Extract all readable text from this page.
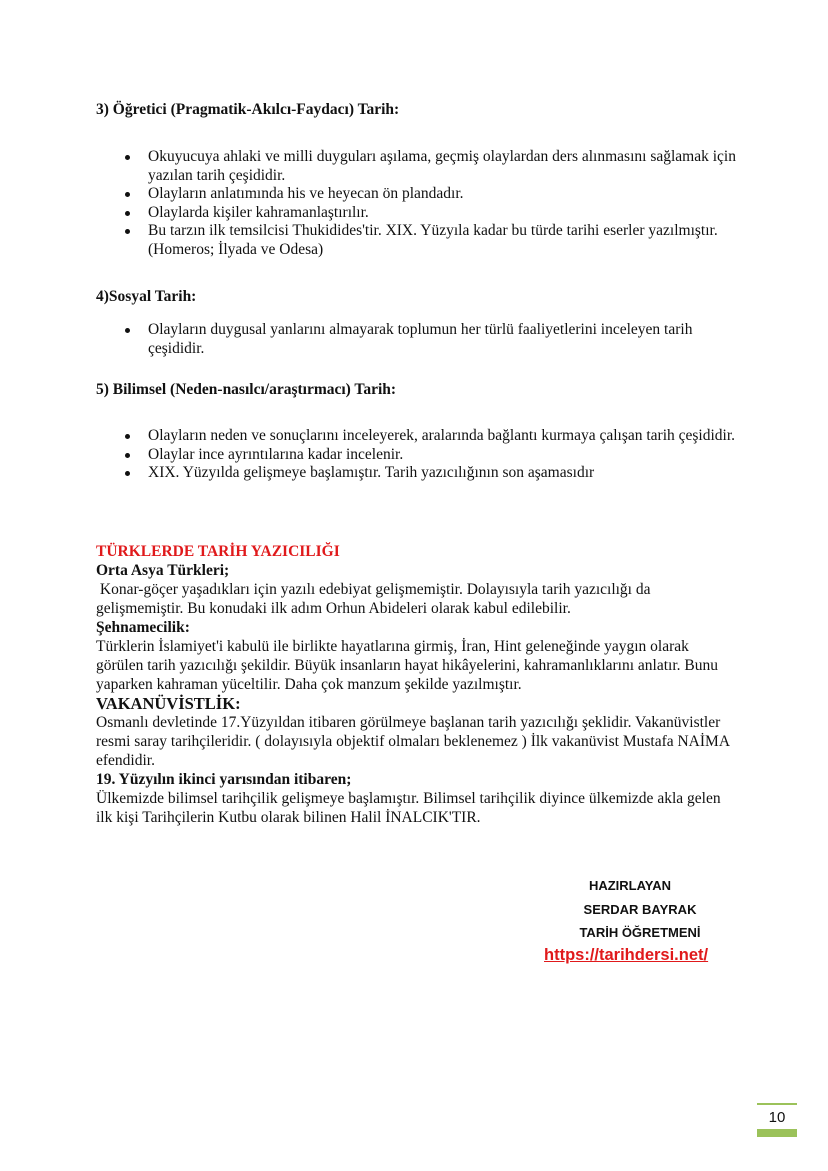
3) Öğretici (Pragmatik-Akılcı-Faydacı) Tarih:
Okuyucuya ahlaki ve milli duyguları aşılama, geçmiş olaylardan ders alınmasını sağlamak için yazılan tarih çeşididir.
Olayların anlatımında his ve heyecan ön plandadır.
Olaylarda kişiler kahramanlaştırılır.
Bu tarzın ilk temsilcisi Thukidides'tir. XIX. Yüzyıla kadar bu türde tarihi eserler yazılmıştır. (Homeros; İlyada ve Odesa)
4)Sosyal Tarih:
Olayların duygusal yanlarını almayarak toplumun her türlü faaliyetlerini inceleyen tarih çeşididir.
5) Bilimsel (Neden-nasılcı/araştırmacı) Tarih:
Olayların neden ve sonuçlarını inceleyerek, aralarında bağlantı kurmaya çalışan tarih çeşididir.
Olaylar ince ayrıntılarına kadar incelenir.
XIX. Yüzyılda gelişmeye başlamıştır. Tarih yazıcılığının son aşamasıdır
TÜRKLERDE TARİH YAZICILIĞI
Orta Asya Türkleri;
Konar-göçer yaşadıkları için yazılı edebiyat gelişmemiştir. Dolayısıyla tarih yazıcılığı da gelişmemiştir. Bu konudaki ilk adım Orhun Abideleri olarak kabul edilebilir.
Şehnamecilik:
Türklerin İslamiyet'i kabulü ile birlikte hayatlarına girmiş, İran, Hint geleneğinde yaygın olarak görülen tarih yazıcılığı şekildir. Büyük insanların hayat hikâyelerini, kahramanlıklarını anlatır. Bunu yaparken kahraman yüceltilir. Daha çok manzum şekilde yazılmıştır.
VAKANÜVİSTLİK:
Osmanlı devletinde 17.Yüzyıldan itibaren görülmeye başlanan tarih yazıcılığı şeklidir. Vakanüvistler resmi saray tarihçileridir. ( dolayısıyla objektif olmaları beklenemez ) İlk vakanüvist Mustafa NAİMA efendidir.
19. Yüzyılın ikinci yarısından itibaren;
Ülkemizde bilimsel tarihçilik gelişmeye başlamıştır. Bilimsel tarihçilik diyince ülkemizde akla gelen ilk kişi Tarihçilerin Kutbu olarak bilinen Halil İNALCIK'TIR.
HAZIRLAYAN
SERDAR BAYRAK
TARİH ÖĞRETMENİ
https://tarihdersi.net/
10
